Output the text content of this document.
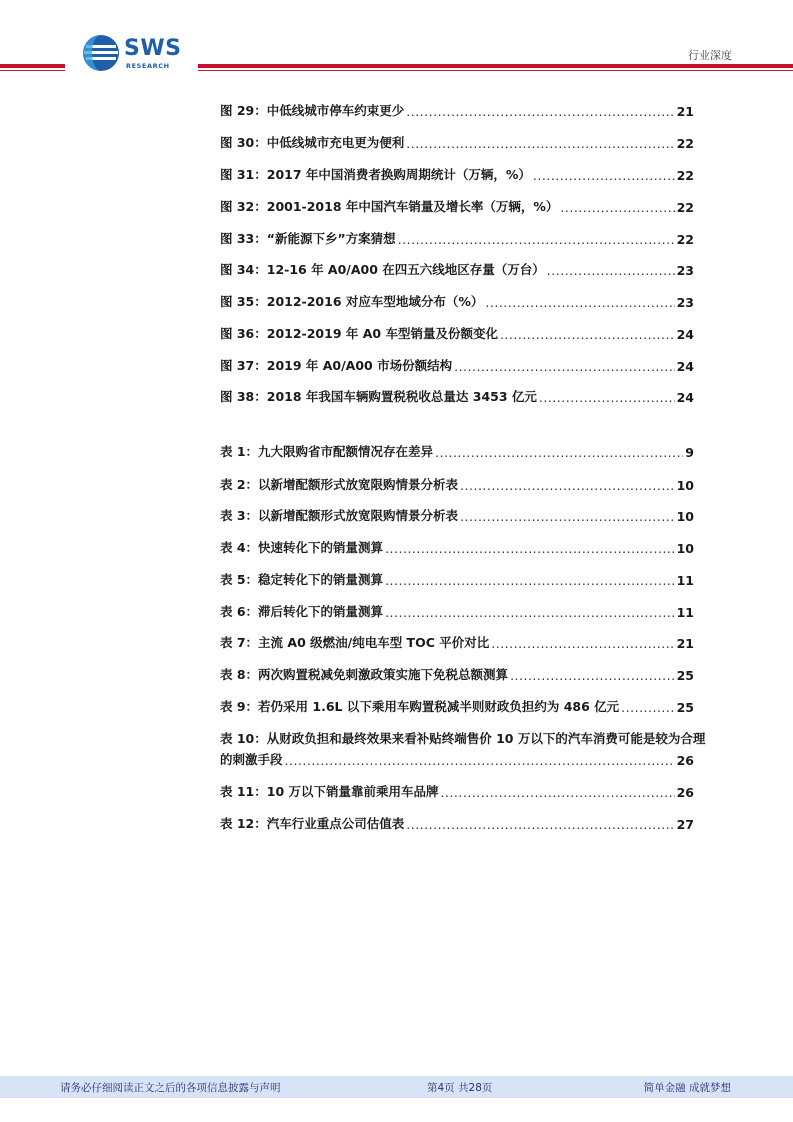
SWS
RESEARCH
行业深度
图 29：中低线城市停车约束更少 .....	21
图 30：中低线城市充电更为便利 .....	22
图 31：2017 年中国消费者换购周期统计（万辆，%） .....	22
图 32：2001-2018 年中国汽车销量及增长率（万辆，%） .....	22
图 33：“新能源下乡”方案猜想 .....	22
图 34：12-16 年 A0/A00 在四五六线地区存量（万台） .....	23
图 35：2012-2016 对应车型地域分布（%） .....	23
图 36：2012-2019 年 A0 车型销量及份额变化 .....	24
图 37：2019 年 A0/A00 市场份额结构 .....	24
图 38：2018 年我国车辆购置税税收总量达 3453 亿元 .....	24
表 1：九大限购省市配额情况存在差异 .....	9
表 2：以新增配额形式放宽限购情景分析表 .....	10
表 3：以新增配额形式放宽限购情景分析表 .....	10
表 4：快速转化下的销量测算 .....	10
表 5：稳定转化下的销量测算 .....	11
表 6：滞后转化下的销量测算 .....	11
表 7：主流 A0 级燃油/纯电车型 TOC 平价对比 .....	21
表 8：两次购置税减免刺激政策实施下免税总额测算 .....	25
表 9：若仍采用 1.6L 以下乘用车购置税减半则财政负担约为 486 亿元 .....	25
表 10：从财政负担和最终效果来看补贴终端售价 10 万以下的汽车消费可能是较为合理
的刺激手段 .....	26
表 11：10 万以下销量靠前乘用车品牌 .....	26
表 12：汽车行业重点公司估值表 .....	27
请务必仔细阅读正文之后的各项信息披露与声明	第4页 共28页	简单金融 成就梦想
